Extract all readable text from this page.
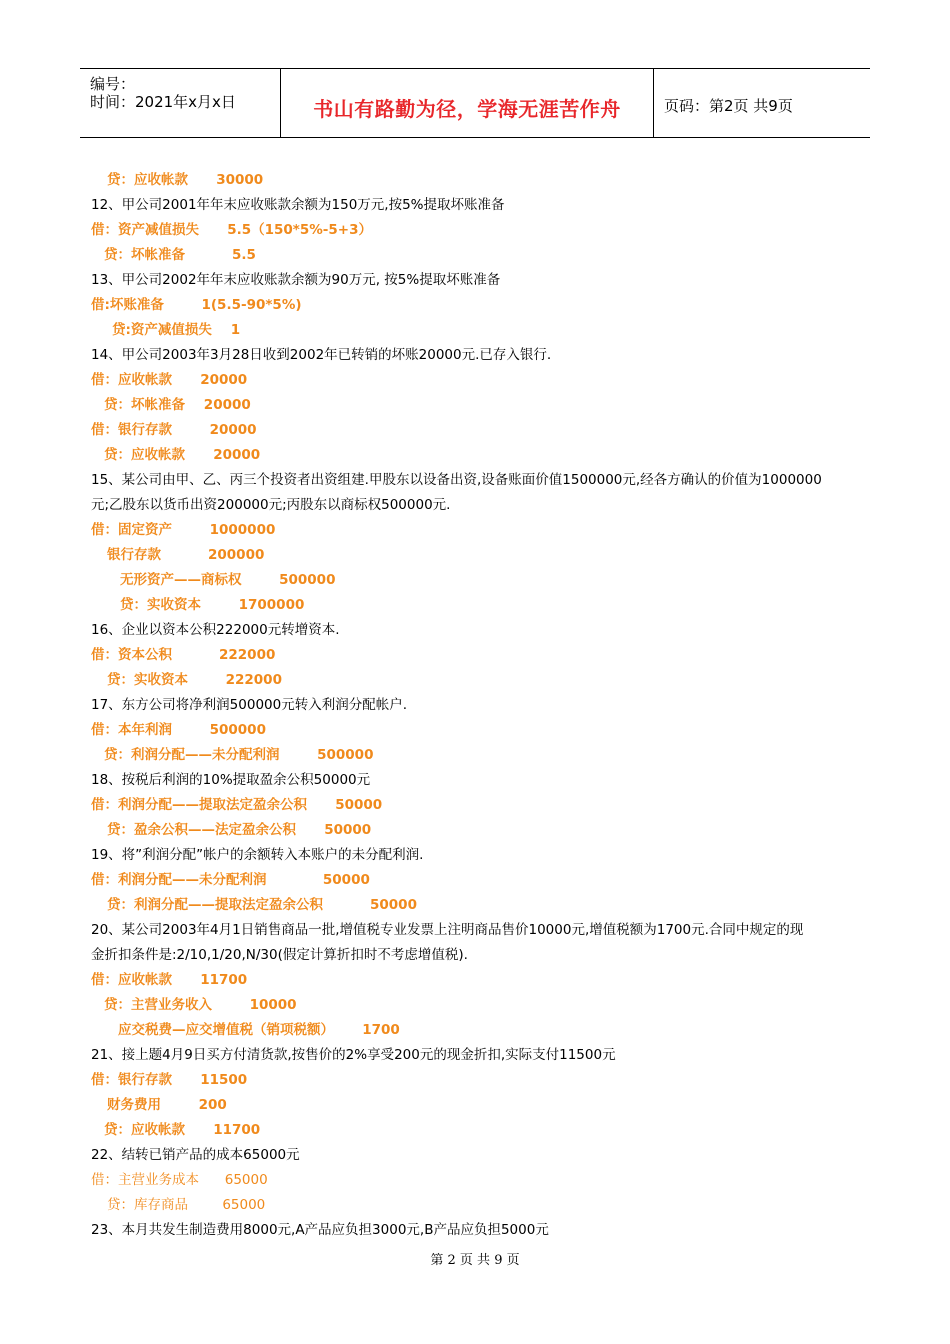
编号：
时间：2021年x月x日	书山有路勤为径，学海无涯苦作舟	页码：第2页 共9页
贷：应收帐款      30000
12、甲公司2001年年末应收账款余额为150万元,按5%提取坏账准备
借：资产减值损失      5.5（150*5%-5+3）
贷：坏帐准备          5.5
13、甲公司2002年年末应收账款余额为90万元, 按5%提取坏账准备
借:坏账准备        1(5.5-90*5%)
贷:资产减值损失    1
14、甲公司2003年3月28日收到2002年已转销的坏账20000元.已存入银行.
借：应收帐款      20000
贷：坏帐准备    20000
借：银行存款        20000
贷：应收帐款      20000
15、某公司由甲、乙、丙三个投资者出资组建.甲股东以设备出资,设备账面价值1500000元,经各方确认的价值为1000000
元;乙股东以货币出资200000元;丙股东以商标权500000元.
借：固定资产        1000000
银行存款          200000
无形资产——商标权        500000
贷：实收资本        1700000
16、企业以资本公积222000元转增资本.
借：资本公积          222000
贷：实收资本        222000
17、东方公司将净利润500000元转入利润分配帐户.
借：本年利润        500000
贷：利润分配——未分配利润        500000
18、按税后利润的10%提取盈余公积50000元
借：利润分配——提取法定盈余公积      50000
贷：盈余公积——法定盈余公积      50000
19、将”利润分配”帐户的余额转入本账户的未分配利润.
借：利润分配——未分配利润            50000
贷：利润分配——提取法定盈余公积          50000
20、某公司2003年4月1日销售商品一批,增值税专业发票上注明商品售价10000元,增值税额为1700元.合同中规定的现
金折扣条件是:2/10,1/20,N/30(假定计算折扣时不考虑增值税).
借：应收帐款      11700
贷：主营业务收入        10000
应交税费—应交增值税（销项税额）      1700
21、接上题4月9日买方付清货款,按售价的2%享受200元的现金折扣,实际支付11500元
借：银行存款      11500
财务费用        200
贷：应收帐款      11700
22、结转已销产品的成本65000元
借：主营业务成本      65000
贷：库存商品        65000
23、本月共发生制造费用8000元,A产品应负担3000元,B产品应负担5000元
第 2 页 共 9 页
